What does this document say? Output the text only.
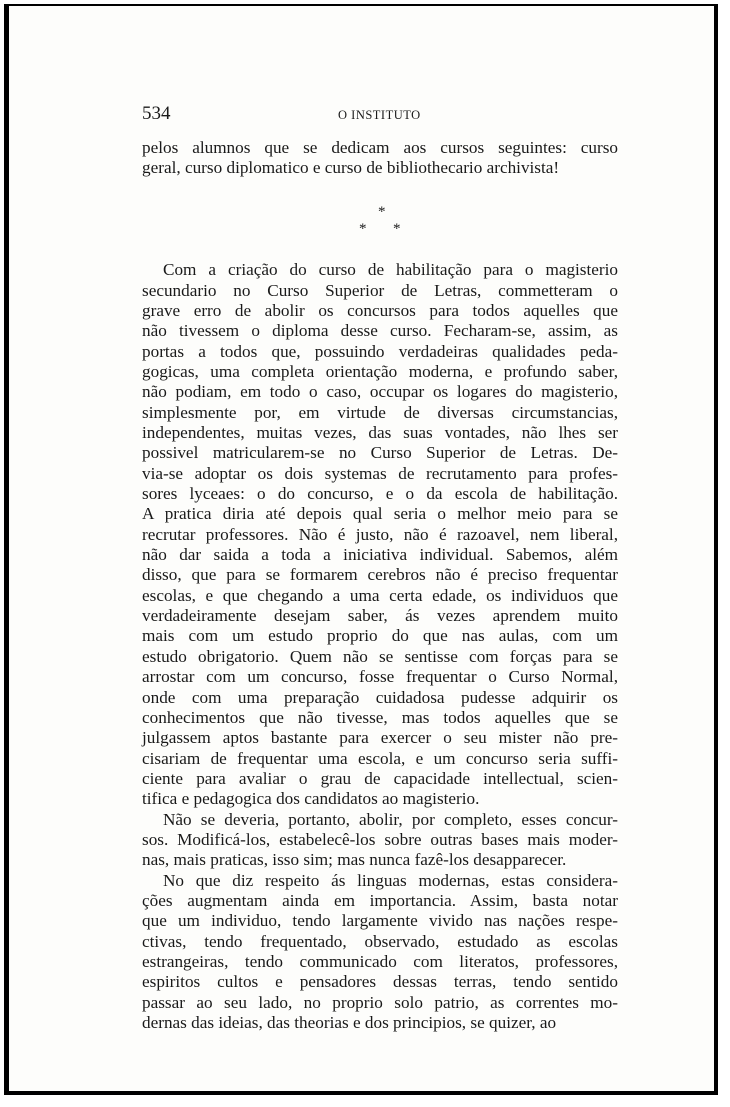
534	O INSTITUTO
*
* *
pelos alumnos que se dedicam aos cursos seguintes: curso
geral, curso diplomatico e curso de bibliothecario archivista!
Com a criação do curso de habilitação para o magisterio
secundario no Curso Superior de Letras, commetteram o
grave erro de abolir os concursos para todos aquelles que
não tivessem o diploma desse curso. Fecharam-se, assim, as
portas a todos que, possuindo verdadeiras qualidades peda-
gogicas, uma completa orientação moderna, e profundo saber,
não podiam, em todo o caso, occupar os logares do magisterio,
simplesmente por, em virtude de diversas circumstancias,
independentes, muitas vezes, das suas vontades, não lhes ser
possivel matricularem-se no Curso Superior de Letras. De-
via-se adoptar os dois systemas de recrutamento para profes-
sores lyceaes: o do concurso, e o da escola de habilitação.
A pratica diria até depois qual seria o melhor meio para se
recrutar professores. Não é justo, não é razoavel, nem liberal,
não dar saida a toda a iniciativa individual. Sabemos, além
disso, que para se formarem cerebros não é preciso frequentar
escolas, e que chegando a uma certa edade, os individuos que
verdadeiramente desejam saber, ás vezes aprendem muito
mais com um estudo proprio do que nas aulas, com um
estudo obrigatorio. Quem não se sentisse com forças para se
arrostar com um concurso, fosse frequentar o Curso Normal,
onde com uma preparação cuidadosa pudesse adquirir os
conhecimentos que não tivesse, mas todos aquelles que se
julgassem aptos bastante para exercer o seu mister não pre-
cisariam de frequentar uma escola, e um concurso seria suffi-
ciente para avaliar o grau de capacidade intellectual, scien-
tifica e pedagogica dos candidatos ao magisterio.
Não se deveria, portanto, abolir, por completo, esses concur-
sos. Modificá-los, estabelecê-los sobre outras bases mais moder-
nas, mais praticas, isso sim; mas nunca fazê-los desapparecer.
No que diz respeito ás linguas modernas, estas considera-
ções augmentam ainda em importancia. Assim, basta notar
que um individuo, tendo largamente vivido nas nações respe-
ctivas, tendo frequentado, observado, estudado as escolas
estrangeiras, tendo communicado com literatos, professores,
espiritos cultos e pensadores dessas terras, tendo sentido
passar ao seu lado, no proprio solo patrio, as correntes mo-
dernas das ideias, das theorias e dos principios, se quizer, ao
